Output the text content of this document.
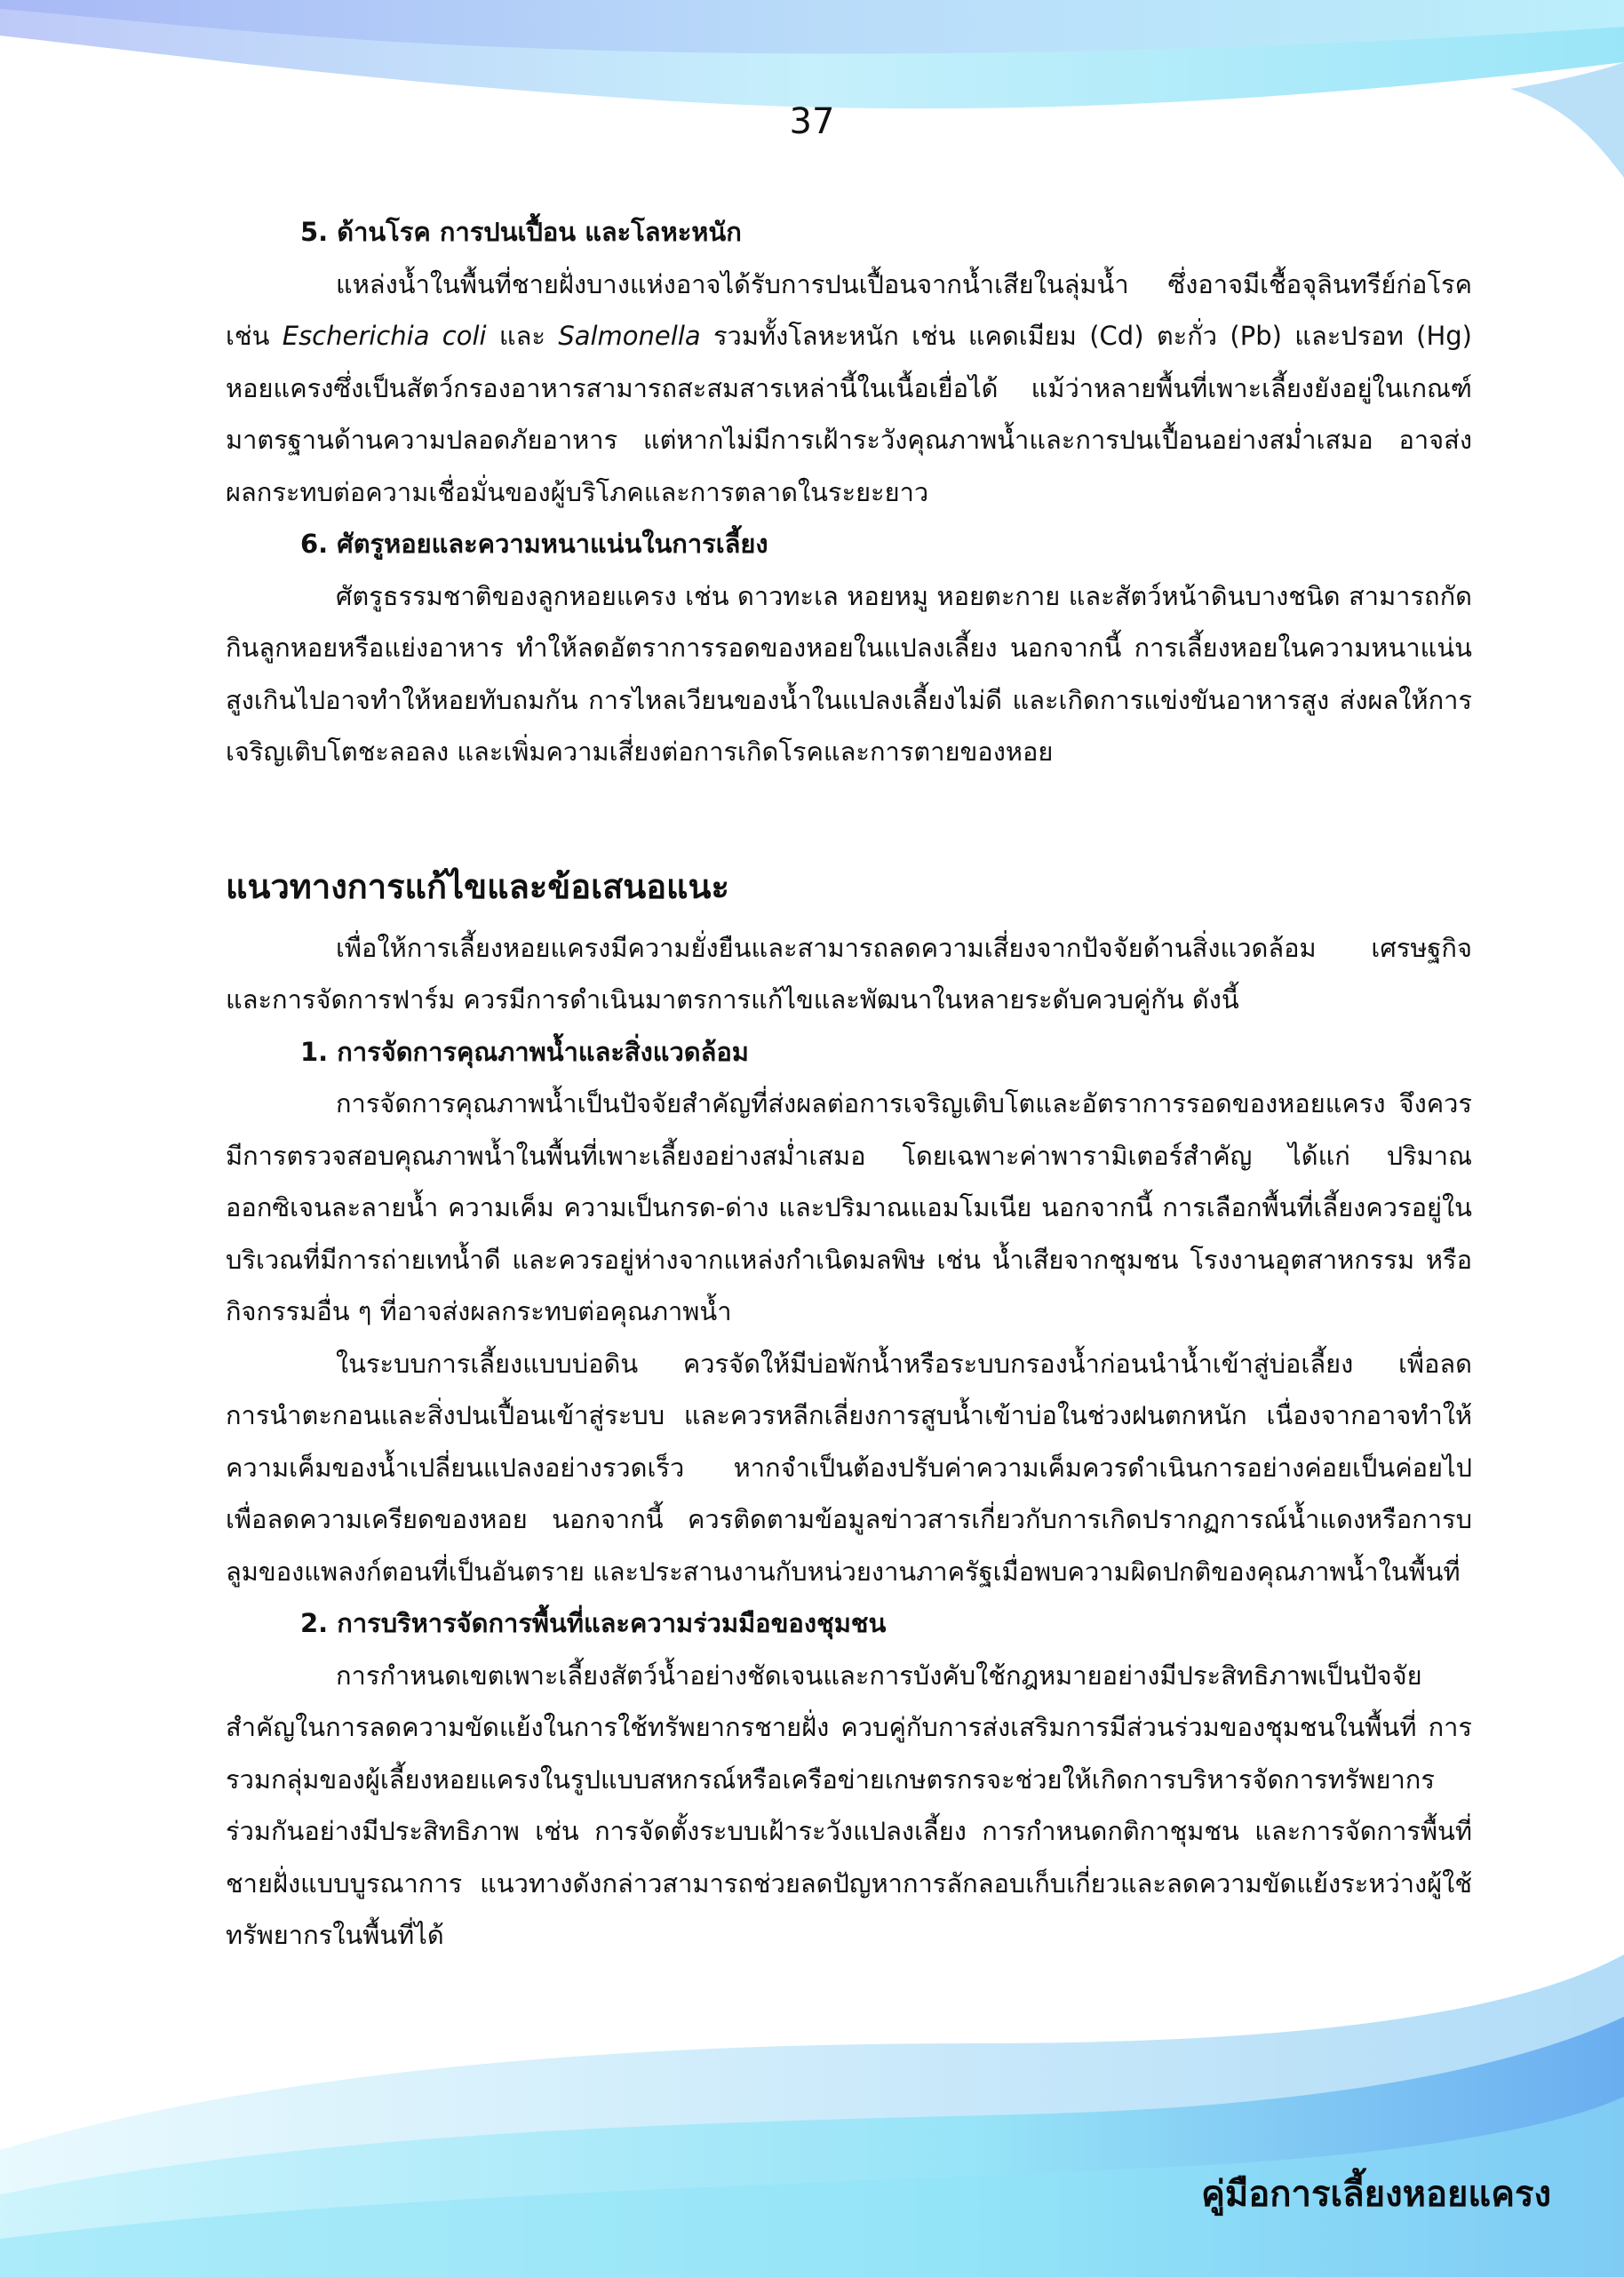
37

5. ด้านโรค การปนเปื้อน และโลหะหนัก

แหล่งน้ำในพื้นที่ชายฝั่งบางแห่งอาจได้รับการปนเปื้อนจากน้ำเสียในลุ่มน้ำ ซึ่งอาจมีเชื้อจุลินทรีย์ก่อโรค เช่น Escherichia coli และ Salmonella รวมทั้งโลหะหนัก เช่น แคดเมียม (Cd) ตะกั่ว (Pb) และปรอท (Hg) หอยแครงซึ่งเป็นสัตว์กรองอาหารสามารถสะสมสารเหล่านี้ในเนื้อเยื่อได้ แม้ว่าหลายพื้นที่เพาะเลี้ยงยังอยู่ในเกณฑ์มาตรฐานด้านความปลอดภัยอาหาร แต่หากไม่มีการเฝ้าระวังคุณภาพน้ำและการปนเปื้อนอย่างสม่ำเสมอ อาจส่งผลกระทบต่อความเชื่อมั่นของผู้บริโภคและการตลาดในระยะยาว

6. ศัตรูหอยและความหนาแน่นในการเลี้ยง

ศัตรูธรรมชาติของลูกหอยแครง เช่น ดาวทะเล หอยหมู หอยตะกาย และสัตว์หน้าดินบางชนิด สามารถกัดกินลูกหอยหรือแย่งอาหาร ทำให้ลดอัตราการรอดของหอยในแปลงเลี้ยง นอกจากนี้ การเลี้ยงหอยในความหนาแน่นสูงเกินไปอาจทำให้หอยทับถมกัน การไหลเวียนของน้ำในแปลงเลี้ยงไม่ดี และเกิดการแข่งขันอาหารสูง ส่งผลให้การเจริญเติบโตชะลอลง และเพิ่มความเสี่ยงต่อการเกิดโรคและการตายของหอย

แนวทางการแก้ไขและข้อเสนอแนะ

เพื่อให้การเลี้ยงหอยแครงมีความยั่งยืนและสามารถลดความเสี่ยงจากปัจจัยด้านสิ่งแวดล้อม เศรษฐกิจ และการจัดการฟาร์ม ควรมีการดำเนินมาตรการแก้ไขและพัฒนาในหลายระดับควบคู่กัน ดังนี้

1. การจัดการคุณภาพน้ำและสิ่งแวดล้อม

การจัดการคุณภาพน้ำเป็นปัจจัยสำคัญที่ส่งผลต่อการเจริญเติบโตและอัตราการรอดของหอยแครง จึงควรมีการตรวจสอบคุณภาพน้ำในพื้นที่เพาะเลี้ยงอย่างสม่ำเสมอ โดยเฉพาะค่าพารามิเตอร์สำคัญ ได้แก่ ปริมาณออกซิเจนละลายน้ำ ความเค็ม ความเป็นกรด-ด่าง และปริมาณแอมโมเนีย นอกจากนี้ การเลือกพื้นที่เลี้ยงควรอยู่ในบริเวณที่มีการถ่ายเทน้ำดี และควรอยู่ห่างจากแหล่งกำเนิดมลพิษ เช่น น้ำเสียจากชุมชน โรงงานอุตสาหกรรม หรือกิจกรรมอื่น ๆ ที่อาจส่งผลกระทบต่อคุณภาพน้ำ

ในระบบการเลี้ยงแบบบ่อดิน ควรจัดให้มีบ่อพักน้ำหรือระบบกรองน้ำก่อนนำน้ำเข้าสู่บ่อเลี้ยง เพื่อลดการนำตะกอนและสิ่งปนเปื้อนเข้าสู่ระบบ และควรหลีกเลี่ยงการสูบน้ำเข้าบ่อในช่วงฝนตกหนัก เนื่องจากอาจทำให้ความเค็มของน้ำเปลี่ยนแปลงอย่างรวดเร็ว หากจำเป็นต้องปรับค่าความเค็มควรดำเนินการอย่างค่อยเป็นค่อยไป เพื่อลดความเครียดของหอย นอกจากนี้ ควรติดตามข้อมูลข่าวสารเกี่ยวกับการเกิดปรากฏการณ์น้ำแดงหรือการบลูมของแพลงก์ตอนที่เป็นอันตราย และประสานงานกับหน่วยงานภาครัฐเมื่อพบความผิดปกติของคุณภาพน้ำในพื้นที่

2. การบริหารจัดการพื้นที่และความร่วมมือของชุมชน

การกำหนดเขตเพาะเลี้ยงสัตว์น้ำอย่างชัดเจนและการบังคับใช้กฎหมายอย่างมีประสิทธิภาพเป็นปัจจัยสำคัญในการลดความขัดแย้งในการใช้ทรัพยากรชายฝั่ง ควบคู่กับการส่งเสริมการมีส่วนร่วมของชุมชนในพื้นที่ การรวมกลุ่มของผู้เลี้ยงหอยแครงในรูปแบบสหกรณ์หรือเครือข่ายเกษตรกรจะช่วยให้เกิดการบริหารจัดการทรัพยากรร่วมกันอย่างมีประสิทธิภาพ เช่น การจัดตั้งระบบเฝ้าระวังแปลงเลี้ยง การกำหนดกติกาชุมชน และการจัดการพื้นที่ชายฝั่งแบบบูรณาการ แนวทางดังกล่าวสามารถช่วยลดปัญหาการลักลอบเก็บเกี่ยวและลดความขัดแย้งระหว่างผู้ใช้ทรัพยากรในพื้นที่ได้

คู่มือการเลี้ยงหอยแครง
